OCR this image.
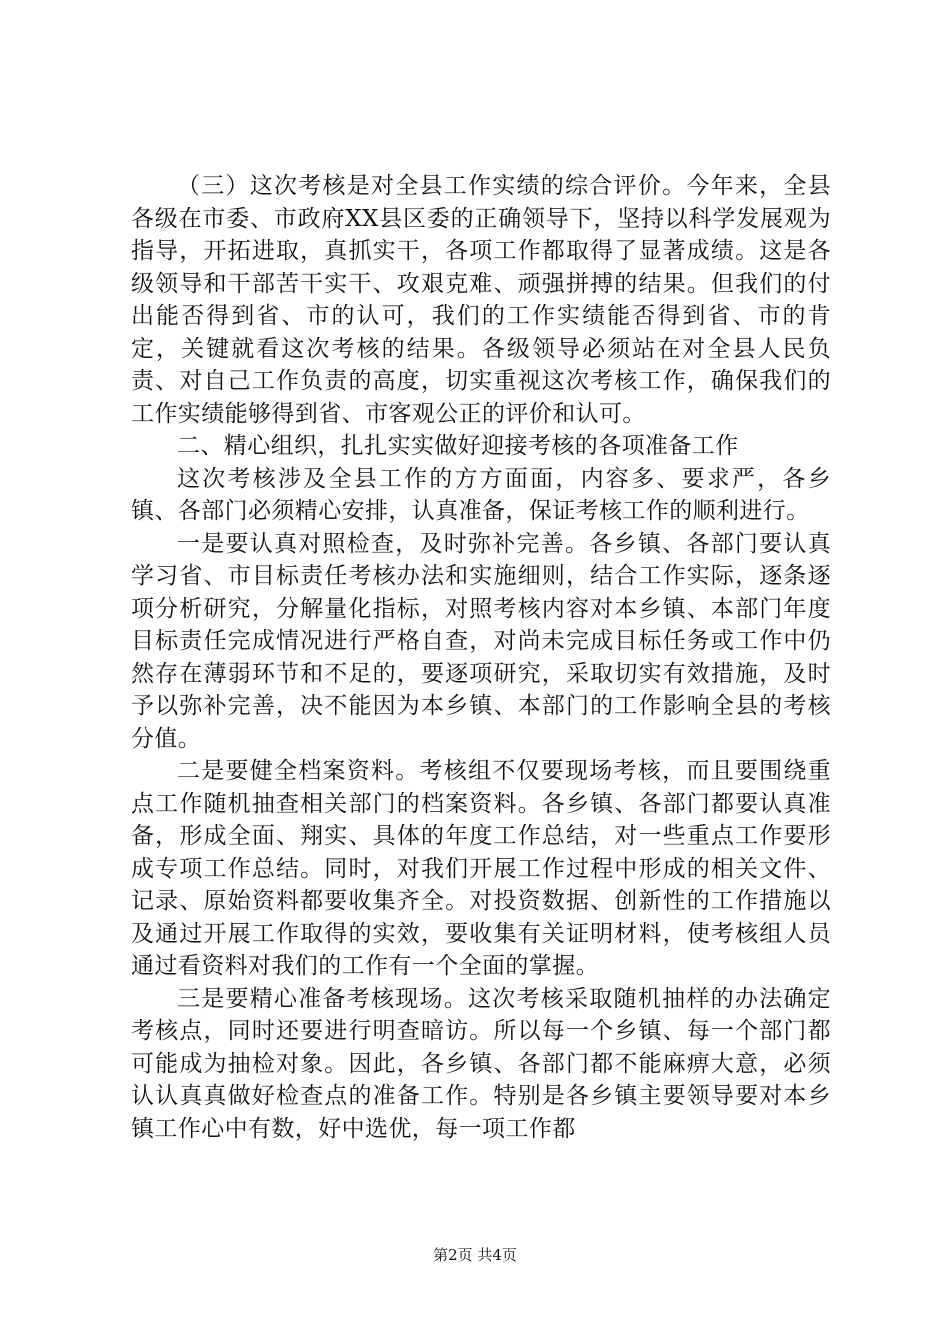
（三）这次考核是对全县工作实绩的综合评价。今年来，全县各级在市委、市政府XX县区委的正确领导下，坚持以科学发展观为指导，开拓进取，真抓实干，各项工作都取得了显著成绩。这是各级领导和干部苦干实干、攻艰克难、顽强拼搏的结果。但我们的付出能否得到省、市的认可，我们的工作实绩能否得到省、市的肯定，关键就看这次考核的结果。各级领导必须站在对全县人民负责、对自己工作负责的高度，切实重视这次考核工作，确保我们的工作实绩能够得到省、市客观公正的评价和认可。

二、精心组织，扎扎实实做好迎接考核的各项准备工作

这次考核涉及全县工作的方方面面，内容多、要求严，各乡镇、各部门必须精心安排，认真准备，保证考核工作的顺利进行。

一是要认真对照检查，及时弥补完善。各乡镇、各部门要认真学习省、市目标责任考核办法和实施细则，结合工作实际，逐条逐项分析研究，分解量化指标，对照考核内容对本乡镇、本部门年度目标责任完成情况进行严格自查，对尚未完成目标任务或工作中仍然存在薄弱环节和不足的，要逐项研究，采取切实有效措施，及时予以弥补完善，决不能因为本乡镇、本部门的工作影响全县的考核分值。

二是要健全档案资料。考核组不仅要现场考核，而且要围绕重点工作随机抽查相关部门的档案资料。各乡镇、各部门都要认真准备，形成全面、翔实、具体的年度工作总结，对一些重点工作要形成专项工作总结。同时，对我们开展工作过程中形成的相关文件、记录、原始资料都要收集齐全。对投资数据、创新性的工作措施以及通过开展工作取得的实效，要收集有关证明材料，使考核组人员通过看资料对我们的工作有一个全面的掌握。

三是要精心准备考核现场。这次考核采取随机抽样的办法确定考核点，同时还要进行明查暗访。所以每一个乡镇、每一个部门都可能成为抽检对象。因此，各乡镇、各部门都不能麻痹大意，必须认认真真做好检查点的准备工作。特别是各乡镇主要领导要对本乡镇工作心中有数，好中选优，每一项工作都

第2页 共4页
